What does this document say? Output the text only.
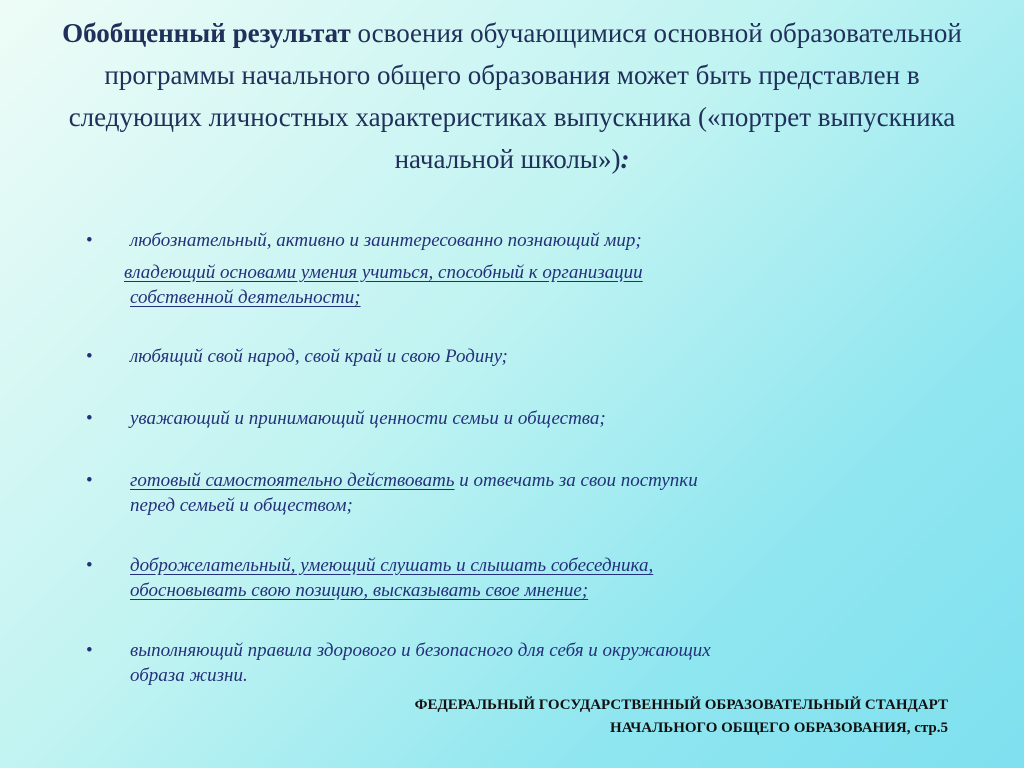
Обобщенный результат освоения обучающимися основной образовательной программы начального общего образования может быть представлен в следующих личностных характеристиках выпускника («портрет выпускника начальной школы»):
• любознательный, активно и заинтересованно познающий мир;
владеющий основами умения учиться, способный к организации
собственной деятельности;
• любящий свой народ, свой край и свою Родину;
• уважающий и принимающий ценности семьи и общества;
• готовый самостоятельно действовать и отвечать за свои поступки
перед семьей и обществом;
• доброжелательный, умеющий слушать и слышать собеседника,
обосновывать свою позицию, высказывать свое мнение;
• выполняющий правила здорового и безопасного для себя и окружающих
образа жизни.
ФЕДЕРАЛЬНЫЙ ГОСУДАРСТВЕННЫЙ ОБРАЗОВАТЕЛЬНЫЙ СТАНДАРТ
НАЧАЛЬНОГО ОБЩЕГО ОБРАЗОВАНИЯ, стр.5
